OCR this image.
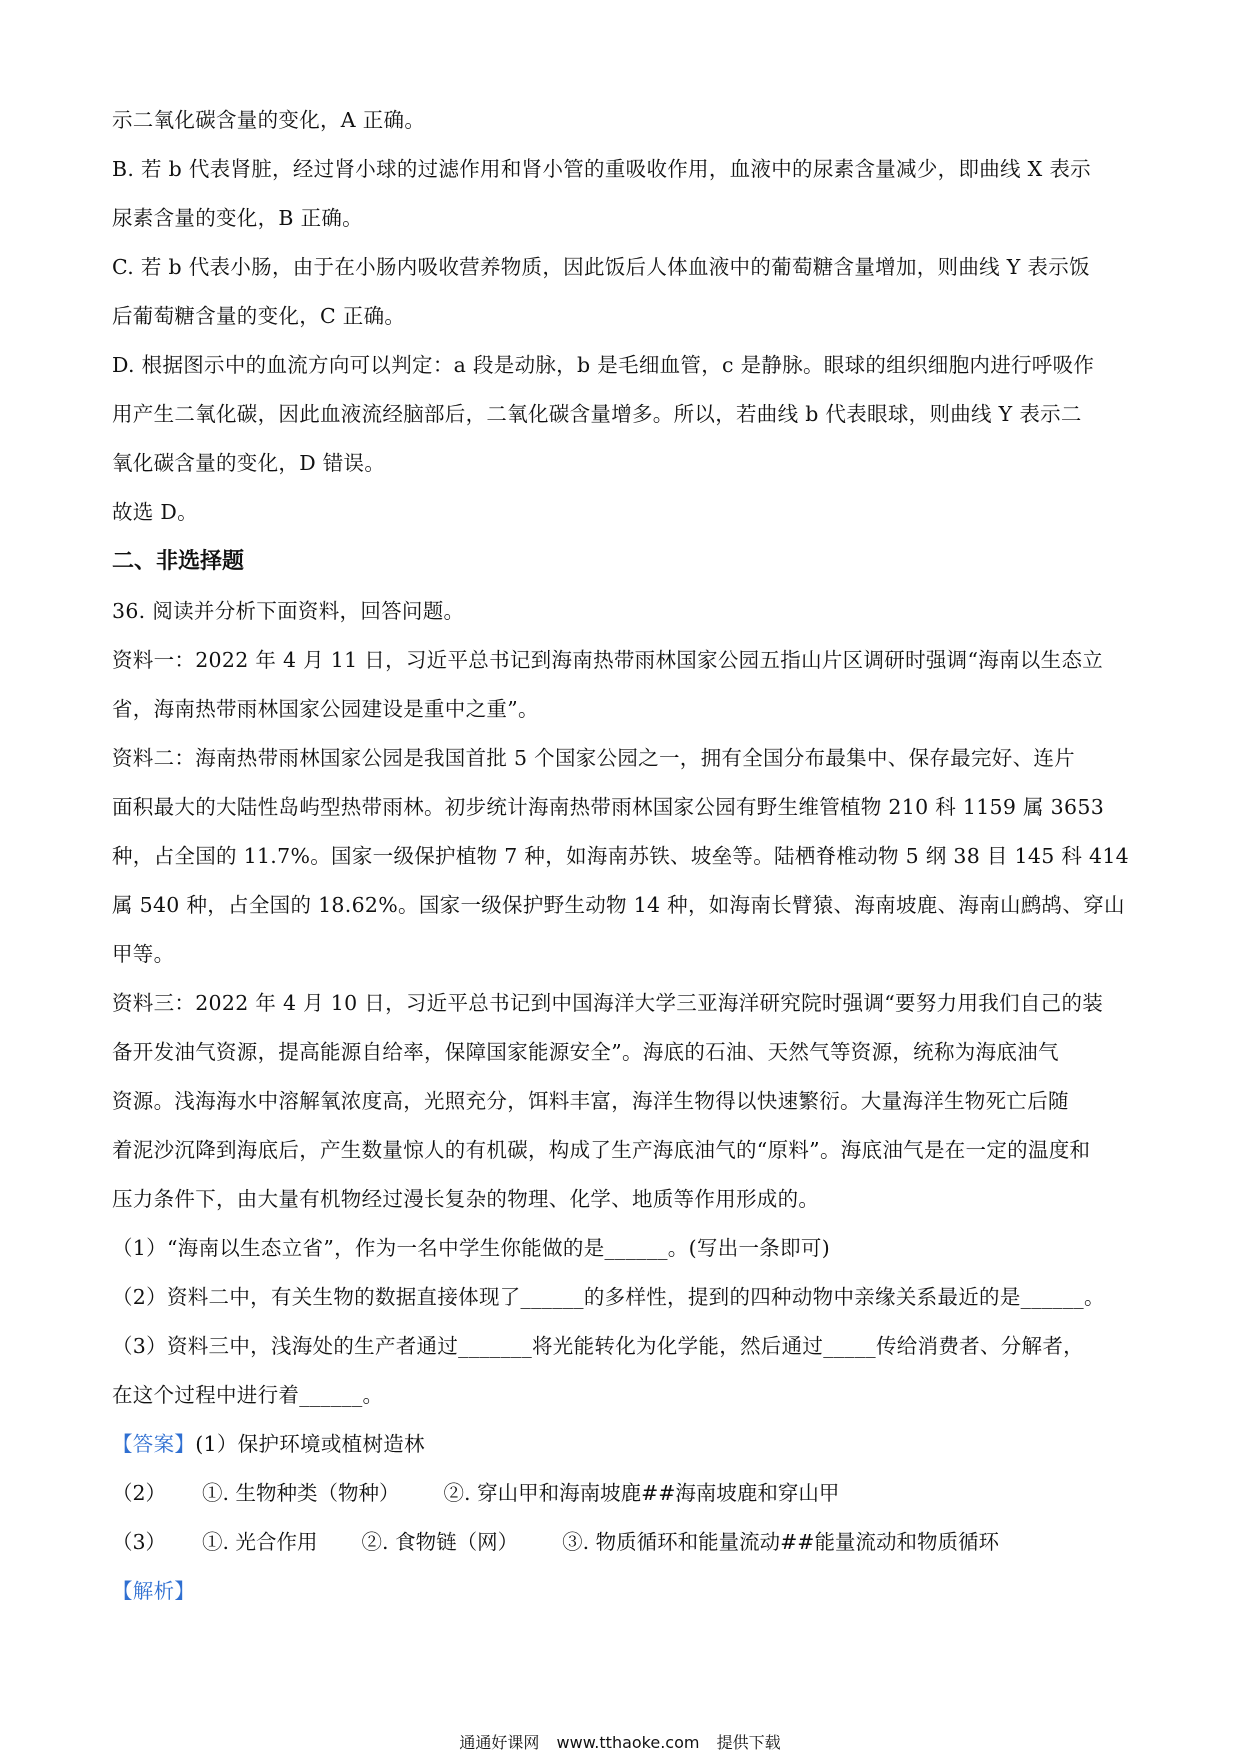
示二氧化碳含量的变化，A 正确。
B. 若 b 代表肾脏，经过肾小球的过滤作用和肾小管的重吸收作用，血液中的尿素含量减少，即曲线 X 表示
尿素含量的变化，B 正确。
C. 若 b 代表小肠，由于在小肠内吸收营养物质，因此饭后人体血液中的葡萄糖含量增加，则曲线 Y 表示饭
后葡萄糖含量的变化，C 正确。
D. 根据图示中的血流方向可以判定：a 段是动脉，b 是毛细血管，c 是静脉。眼球的组织细胞内进行呼吸作
用产生二氧化碳，因此血液流经脑部后，二氧化碳含量增多。所以，若曲线 b 代表眼球，则曲线 Y 表示二
氧化碳含量的变化，D 错误。
故选 D。
二、非选择题
36. 阅读并分析下面资料，回答问题。
资料一：2022 年 4 月 11 日，习近平总书记到海南热带雨林国家公园五指山片区调研时强调“海南以生态立
省，海南热带雨林国家公园建设是重中之重”。
资料二：海南热带雨林国家公园是我国首批 5 个国家公园之一，拥有全国分布最集中、保存最完好、连片
面积最大的大陆性岛屿型热带雨林。初步统计海南热带雨林国家公园有野生维管植物 210 科 1159 属 3653
种，占全国的 11.7%。国家一级保护植物 7 种，如海南苏铁、坡垒等。陆栖脊椎动物 5 纲 38 目 145 科 414
属 540 种，占全国的 18.62%。国家一级保护野生动物 14 种，如海南长臂猿、海南坡鹿、海南山鹧鸪、穿山
甲等。
资料三：2022 年 4 月 10 日，习近平总书记到中国海洋大学三亚海洋研究院时强调“要努力用我们自己的装
备开发油气资源，提高能源自给率，保障国家能源安全”。海底的石油、天然气等资源，统称为海底油气
资源。浅海海水中溶解氧浓度高，光照充分，饵料丰富，海洋生物得以快速繁衍。大量海洋生物死亡后随
着泥沙沉降到海底后，产生数量惊人的有机碳，构成了生产海底油气的“原料”。海底油气是在一定的温度和
压力条件下，由大量有机物经过漫长复杂的物理、化学、地质等作用形成的。
（1）“海南以生态立省”，作为一名中学生你能做的是______。(写出一条即可)
（2）资料二中，有关生物的数据直接体现了______的多样性，提到的四种动物中亲缘关系最近的是______。
（3）资料三中，浅海处的生产者通过_______将光能转化为化学能，然后通过_____传给消费者、分解者，
在这个过程中进行着______。
【答案】(1）保护环境或植树造林
（2）	①. 生物种类（物种） ②. 穿山甲和海南坡鹿##海南坡鹿和穿山甲
（3）	①. 光合作用 ②. 食物链（网） ③. 物质循环和能量流动##能量流动和物质循环
【解析】
通通好课网 www.tthaoke.com 提供下载
